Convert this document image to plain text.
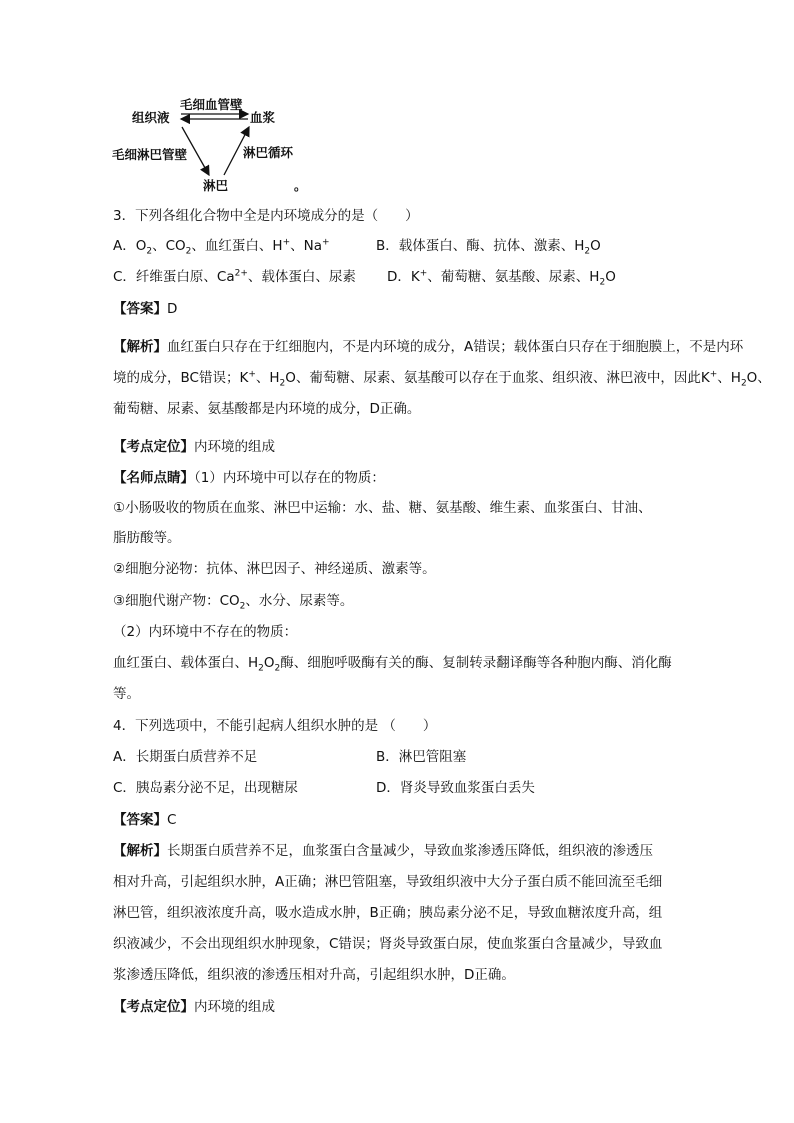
毛细血管壁
组织液	血浆
毛细淋巴管壁	淋巴循环
淋巴	。
3．下列各组化合物中全是内环境成分的是（　　）
A．$O_2$、$CO_2$、血红蛋白、H+、Na+	B．载体蛋白、酶、抗体、激素、$H_2O$
C．纤维蛋白原、$Ca^{2+}$、载体蛋白、尿素 D．K+、葡萄糖、氨基酸、尿素、$H_2O$
【答案】D
【解析】血红蛋白只存在于红细胞内，不是内环境的成分，A错误；载体蛋白只存在于细胞膜上，不是内环
境的成分，BC错误；K+、$H_2O$、葡萄糖、尿素、氨基酸可以存在于血浆、组织液、淋巴液中，因此K+、$H_2O$、
葡萄糖、尿素、氨基酸都是内环境的成分，D正确。
【考点定位】内环境的组成
【名师点睛】（1）内环境中可以存在的物质：
①小肠吸收的物质在血浆、淋巴中运输：水、盐、糖、氨基酸、维生素、血浆蛋白、甘油、
脂肪酸等。
②细胞分泌物：抗体、淋巴因子、神经递质、激素等。
③细胞代谢产物：$CO_2$、水分、尿素等。
（2）内环境中不存在的物质：
血红蛋白、载体蛋白、$H_2O_2$酶、细胞呼吸酶有关的酶、复制转录翻译酶等各种胞内酶、消化酶
等。
4．下列选项中，不能引起病人组织水肿的是 （　　）
A．长期蛋白质营养不足	B．淋巴管阻塞
C．胰岛素分泌不足，出现糖尿	D．肾炎导致血浆蛋白丢失
【答案】C
【解析】长期蛋白质营养不足，血浆蛋白含量减少，导致血浆渗透压降低，组织液的渗透压
相对升高，引起组织水肿，A正确；淋巴管阻塞，导致组织液中大分子蛋白质不能回流至毛细
淋巴管，组织液浓度升高，吸水造成水肿，B正确；胰岛素分泌不足，导致血糖浓度升高，组
织液减少，不会出现组织水肿现象，C错误；肾炎导致蛋白尿，使血浆蛋白含量减少，导致血
浆渗透压降低，组织液的渗透压相对升高，引起组织水肿，D正确。
【考点定位】内环境的组成
